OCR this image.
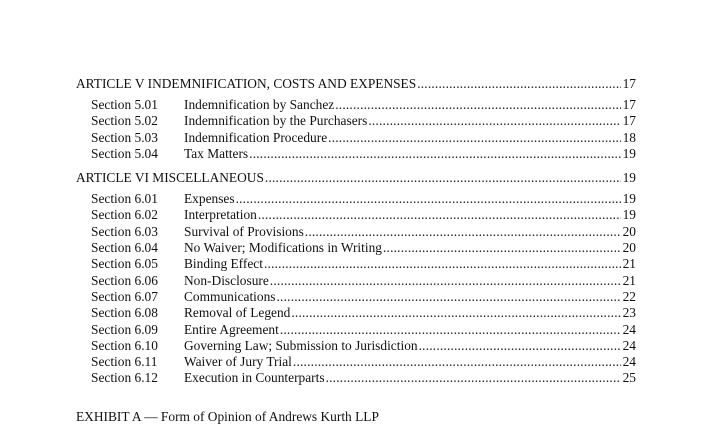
ARTICLE V INDEMNIFICATION, COSTS AND EXPENSES .....	17
Section 5.01	Indemnification by Sanchez .....	17
Section 5.02	Indemnification by the Purchasers .....	17
Section 5.03	Indemnification Procedure .....	18
Section 5.04	Tax Matters .....	19
ARTICLE VI MISCELLANEOUS .....	19
Section 6.01	Expenses .....	19
Section 6.02	Interpretation .....	19
Section 6.03	Survival of Provisions .....	20
Section 6.04	No Waiver; Modifications in Writing .....	20
Section 6.05	Binding Effect .....	21
Section 6.06	Non-Disclosure .....	21
Section 6.07	Communications .....	22
Section 6.08	Removal of Legend .....	23
Section 6.09	Entire Agreement .....	24
Section 6.10	Governing Law; Submission to Jurisdiction .....	24
Section 6.11	Waiver of Jury Trial .....	24
Section 6.12	Execution in Counterparts .....	25
EXHIBIT A — Form of Opinion of Andrews Kurth LLP
